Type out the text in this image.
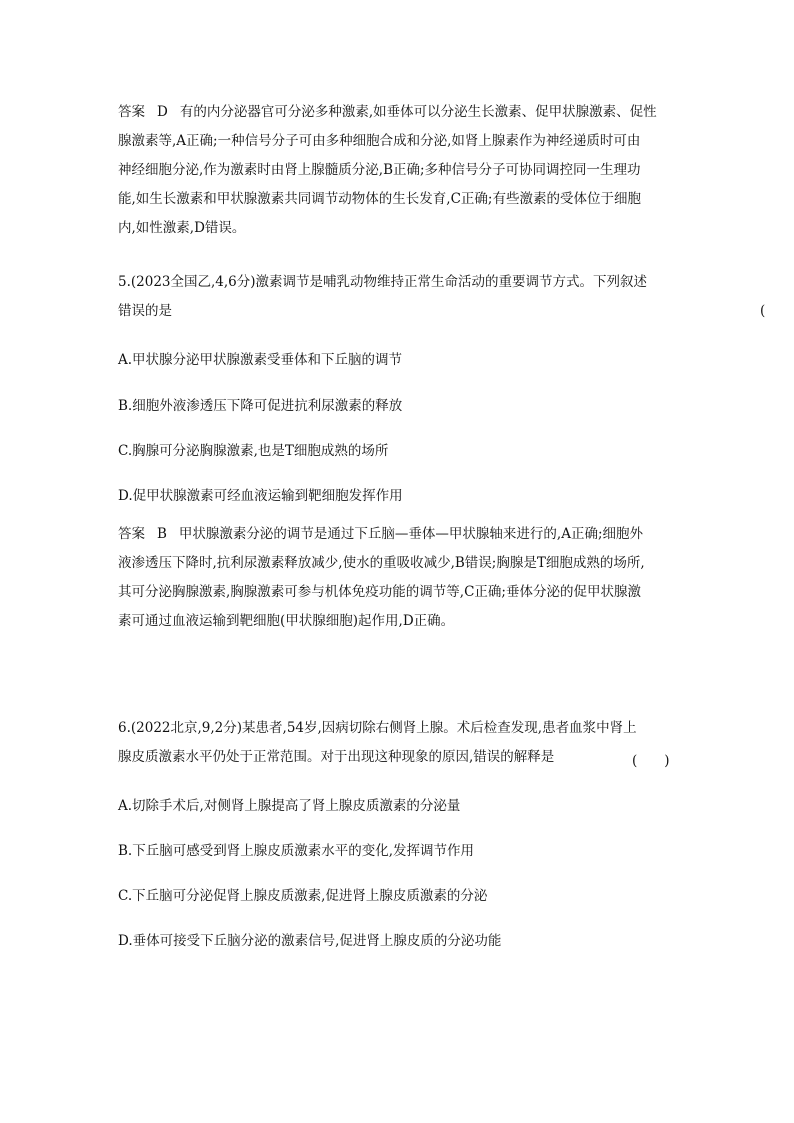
答案 D 有的内分泌器官可分泌多种激素,如垂体可以分泌生长激素、促甲状腺激素、促性
腺激素等,A正确;一种信号分子可由多种细胞合成和分泌,如肾上腺素作为神经递质时可由
神经细胞分泌,作为激素时由肾上腺髓质分泌,B正确;多种信号分子可协同调控同一生理功
能,如生长激素和甲状腺激素共同调节动物体的生长发育,C正确;有些激素的受体位于细胞
内,如性激素,D错误。
5.(2023全国乙,4,6分)激素调节是哺乳动物维持正常生命活动的重要调节方式。下列叙述
错误的是	(
A.甲状腺分泌甲状腺激素受垂体和下丘脑的调节
B.细胞外液渗透压下降可促进抗利尿激素的释放
C.胸腺可分泌胸腺激素,也是T细胞成熟的场所
D.促甲状腺激素可经血液运输到靶细胞发挥作用
答案 B 甲状腺激素分泌的调节是通过下丘脑—垂体—甲状腺轴来进行的,A正确;细胞外
液渗透压下降时,抗利尿激素释放减少,使水的重吸收减少,B错误;胸腺是T细胞成熟的场所,
其可分泌胸腺激素,胸腺激素可参与机体免疫功能的调节等,C正确;垂体分泌的促甲状腺激
素可通过血液运输到靶细胞(甲状腺细胞)起作用,D正确。
6.(2022北京,9,2分)某患者,54岁,因病切除右侧肾上腺。术后检查发现,患者血浆中肾上
腺皮质激素水平仍处于正常范围。对于出现这种现象的原因,错误的解释是	(　　)
A.切除手术后,对侧肾上腺提高了肾上腺皮质激素的分泌量
B.下丘脑可感受到肾上腺皮质激素水平的变化,发挥调节作用
C.下丘脑可分泌促肾上腺皮质激素,促进肾上腺皮质激素的分泌
D.垂体可接受下丘脑分泌的激素信号,促进肾上腺皮质的分泌功能
